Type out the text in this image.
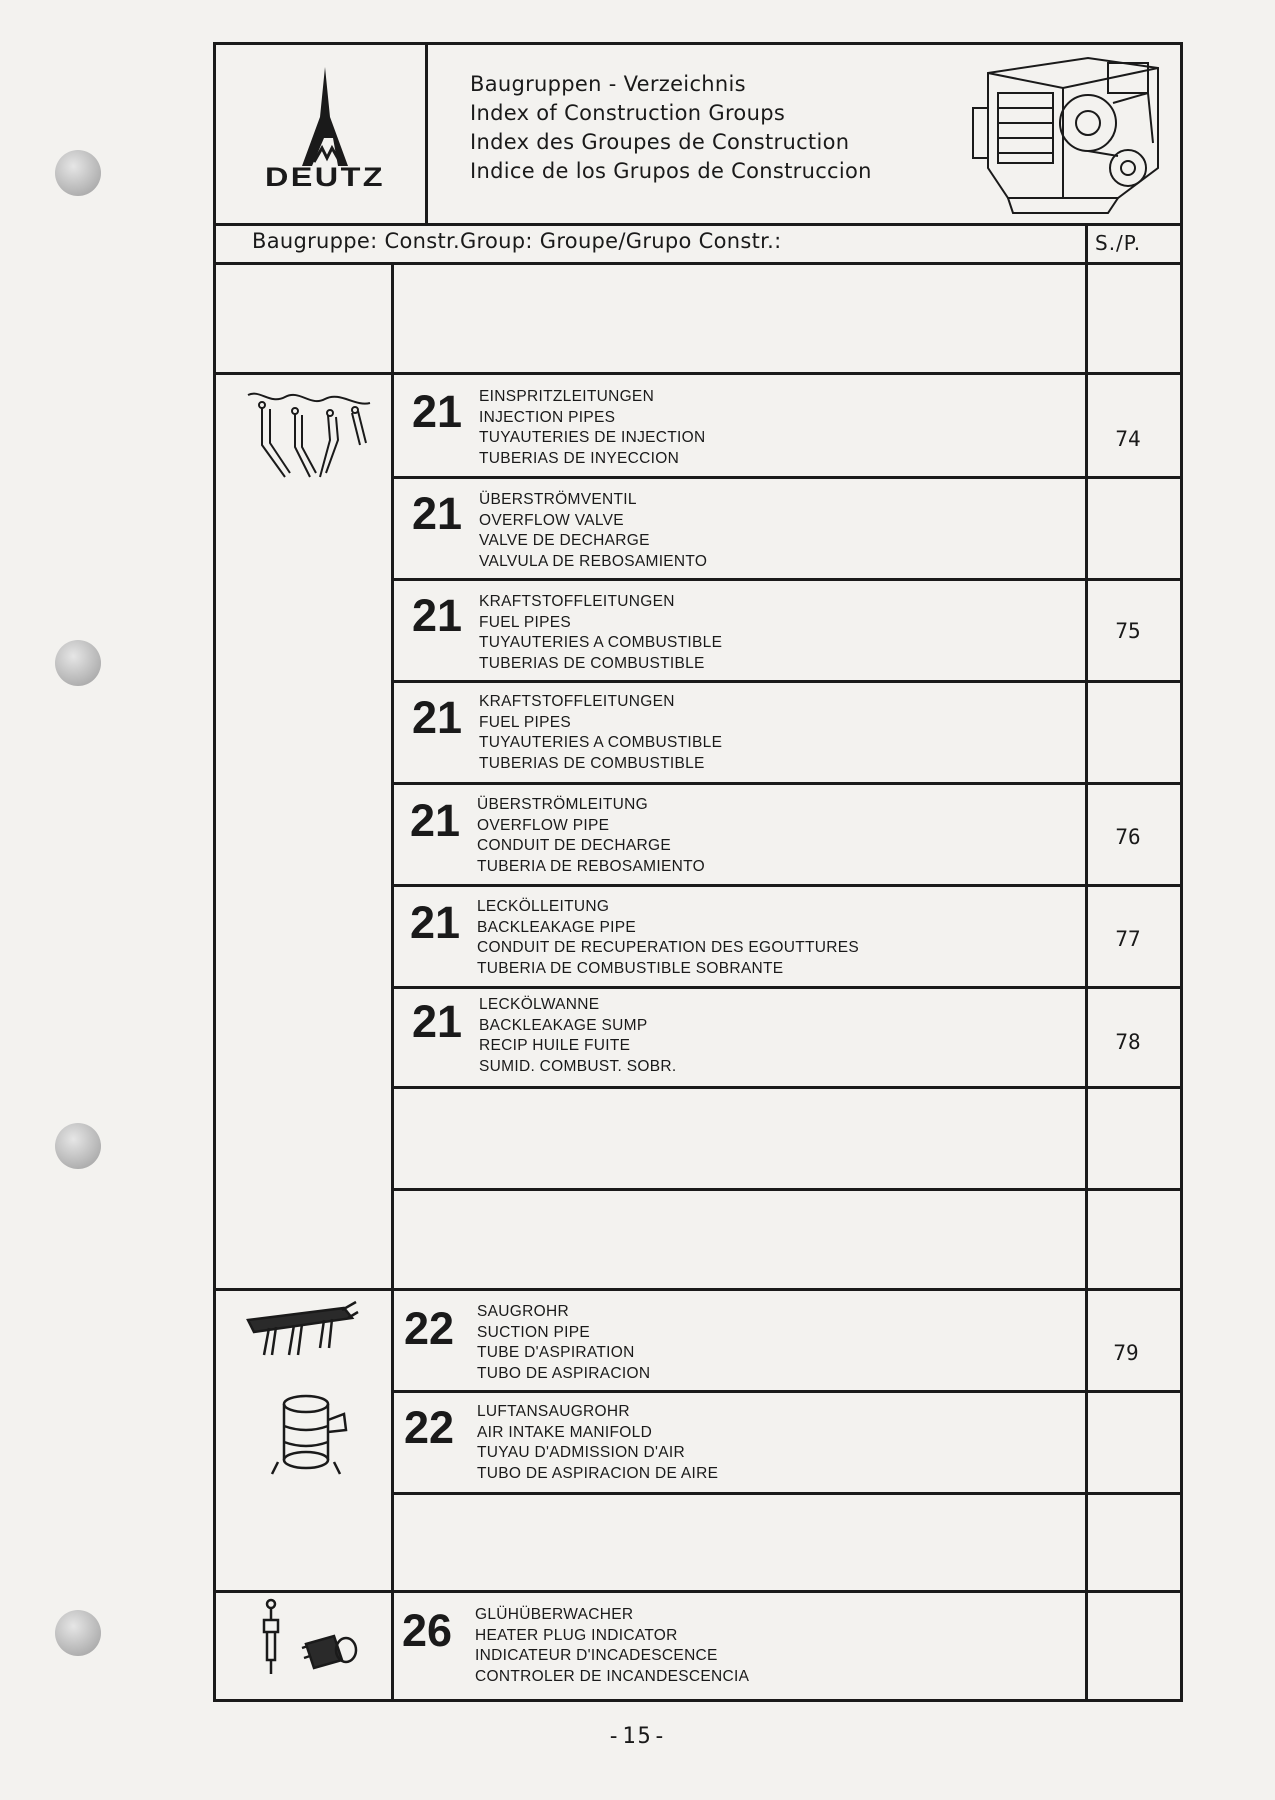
DEUTZ
Baugruppen - Verzeichnis
Index of Construction Groups
Index des Groupes de Construction
Indice de los Grupos de Construccion
Baugruppe: Constr.Group: Groupe/Grupo Constr.:	S./P.
21 EINSPRITZLEITUNGEN
INJECTION PIPES
TUYAUTERIES DE INJECTION
TUBERIAS DE INYECCION
74
21 ÜBERSTRÖMVENTIL
OVERFLOW VALVE
VALVE DE DECHARGE
VALVULA DE REBOSAMIENTO
21 KRAFTSTOFFLEITUNGEN
FUEL PIPES
TUYAUTERIES A COMBUSTIBLE
TUBERIAS DE COMBUSTIBLE
75
21 KRAFTSTOFFLEITUNGEN
FUEL PIPES
TUYAUTERIES A COMBUSTIBLE
TUBERIAS DE COMBUSTIBLE
21 ÜBERSTRÖMLEITUNG
OVERFLOW PIPE
CONDUIT DE DECHARGE
TUBERIA DE REBOSAMIENTO
76
21 LECKÖLLEITUNG
BACKLEAKAGE PIPE
CONDUIT DE RECUPERATION DES EGOUTTURES
TUBERIA DE COMBUSTIBLE SOBRANTE
77
21 LECKÖLWANNE
BACKLEAKAGE SUMP
RECIP HUILE FUITE
SUMID. COMBUST. SOBR.
78
22 SAUGROHR
SUCTION PIPE
TUBE D'ASPIRATION
TUBO DE ASPIRACION
79
22 LUFTANSAUGROHR
AIR INTAKE MANIFOLD
TUYAU D'ADMISSION D'AIR
TUBO DE ASPIRACION DE AIRE
26 GLÜHÜBERWACHER
HEATER PLUG INDICATOR
INDICATEUR D'INCADESCENCE
CONTROLER DE INCANDESCENCIA
-15-
